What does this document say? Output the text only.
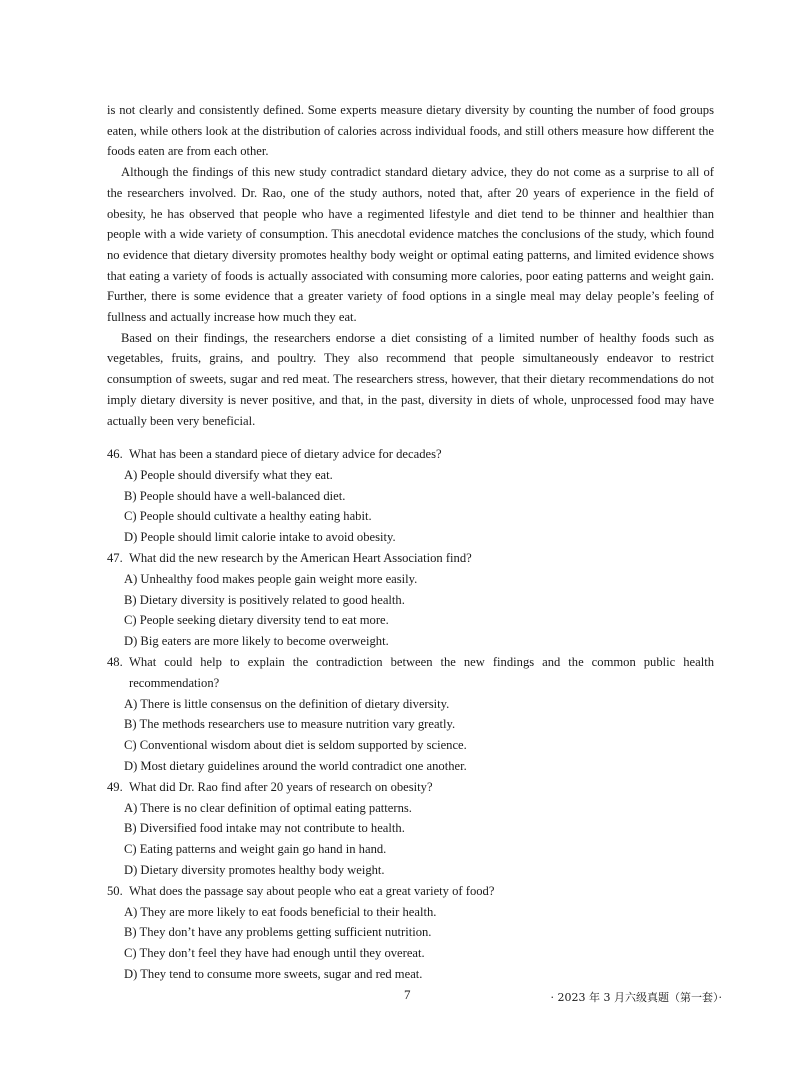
is not clearly and consistently defined. Some experts measure dietary diversity by counting the number of food groups eaten, while others look at the distribution of calories across individual foods, and still others measure how different the foods eaten are from each other.

Although the findings of this new study contradict standard dietary advice, they do not come as a surprise to all of the researchers involved. Dr. Rao, one of the study authors, noted that, after 20 years of experience in the field of obesity, he has observed that people who have a regimented lifestyle and diet tend to be thinner and healthier than people with a wide variety of consumption. This anecdotal evidence matches the conclusions of the study, which found no evidence that dietary diversity promotes healthy body weight or optimal eating patterns, and limited evidence shows that eating a variety of foods is actually associated with consuming more calories, poor eating patterns and weight gain. Further, there is some evidence that a greater variety of food options in a single meal may delay people’s feeling of fullness and actually increase how much they eat.

Based on their findings, the researchers endorse a diet consisting of a limited number of healthy foods such as vegetables, fruits, grains, and poultry. They also recommend that people simultaneously endeavor to restrict consumption of sweets, sugar and red meat. The researchers stress, however, that their dietary recommendations do not imply dietary diversity is never positive, and that, in the past, diversity in diets of whole, unprocessed food may have actually been very beneficial.

46. What has been a standard piece of dietary advice for decades?
A) People should diversify what they eat.
B) People should have a well-balanced diet.
C) People should cultivate a healthy eating habit.
D) People should limit calorie intake to avoid obesity.
47. What did the new research by the American Heart Association find?
A) Unhealthy food makes people gain weight more easily.
B) Dietary diversity is positively related to good health.
C) People seeking dietary diversity tend to eat more.
D) Big eaters are more likely to become overweight.
48. What could help to explain the contradiction between the new findings and the common public health recommendation?
A) There is little consensus on the definition of dietary diversity.
B) The methods researchers use to measure nutrition vary greatly.
C) Conventional wisdom about diet is seldom supported by science.
D) Most dietary guidelines around the world contradict one another.
49. What did Dr. Rao find after 20 years of research on obesity?
A) There is no clear definition of optimal eating patterns.
B) Diversified food intake may not contribute to health.
C) Eating patterns and weight gain go hand in hand.
D) Dietary diversity promotes healthy body weight.
50. What does the passage say about people who eat a great variety of food?
A) They are more likely to eat foods beneficial to their health.
B) They don’t have any problems getting sufficient nutrition.
C) They don’t feel they have had enough until they overeat.
D) They tend to consume more sweets, sugar and red meat.
7	· 2023 年 3 月六级真题（第一套）·
